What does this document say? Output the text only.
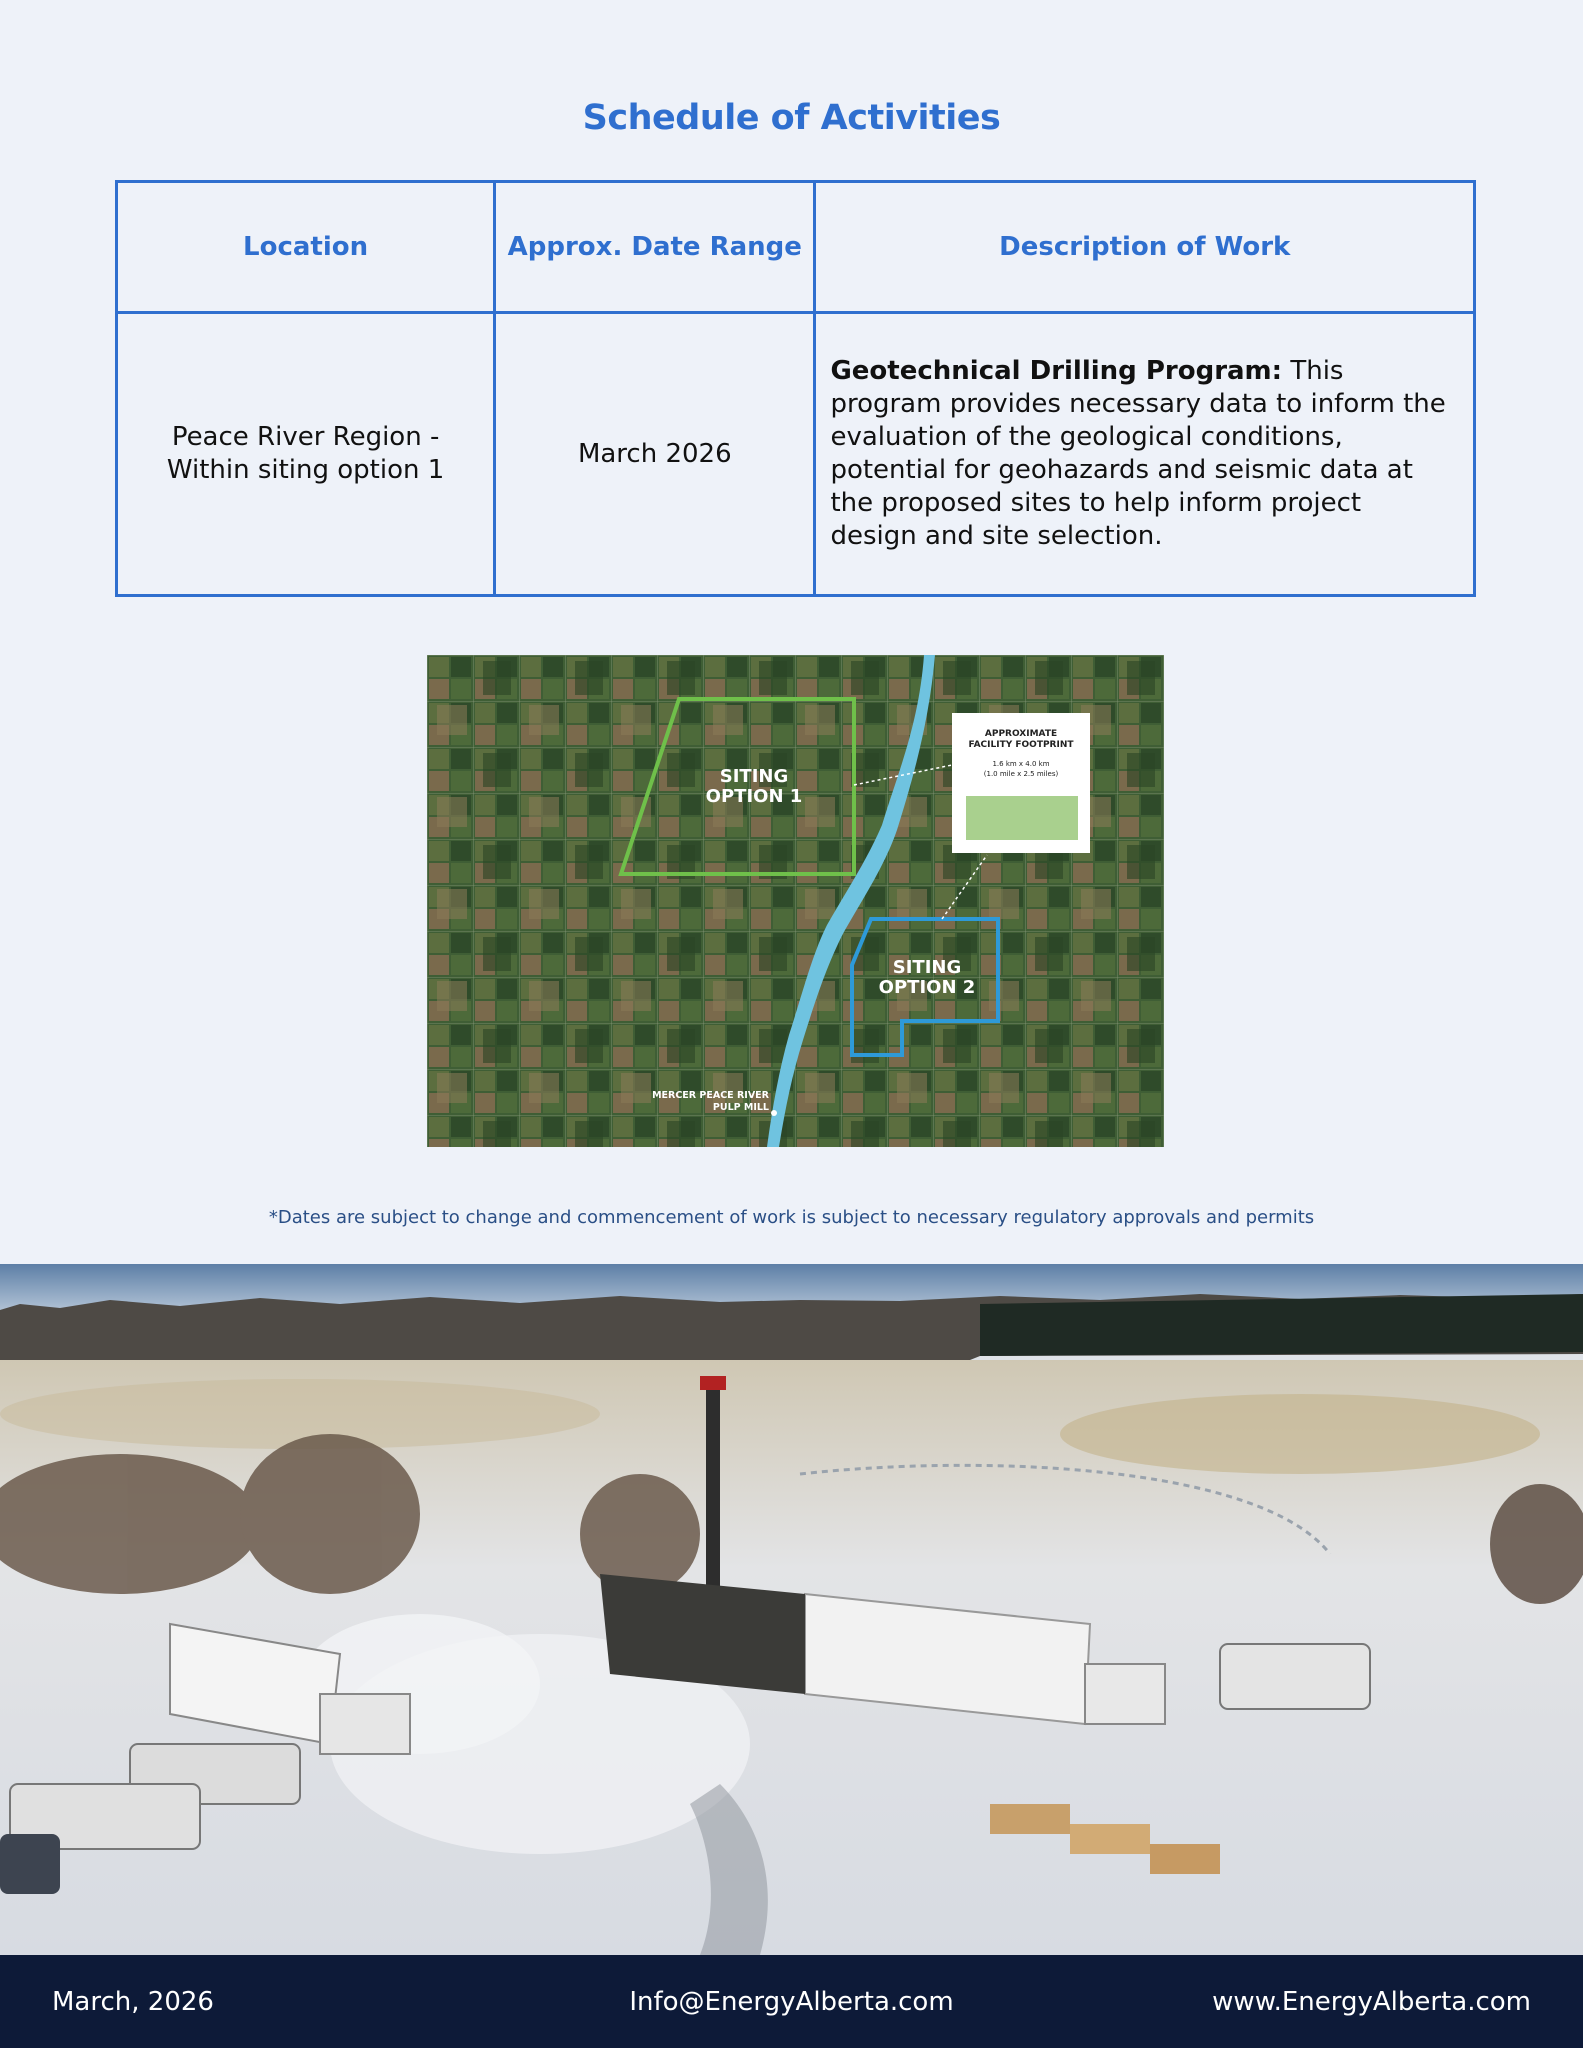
Schedule of Activities
Location	Approx. Date Range	Description of Work

Peace River Region -
Within siting option 1	March 2026	Geotechnical Drilling Program: This program provides necessary data to inform the evaluation of the geological conditions, potential for geohazards and seismic data at the proposed sites to help inform project design and site selection.
SITING
OPTION 1
SITING
OPTION 2
APPROXIMATE
FACILITY FOOTPRINT
1.6 km x 4.0 km
(1.0 mile x 2.5 miles)
MERCER PEACE RIVER
PULP MILL
*Dates are subject to change and commencement of work is subject to necessary regulatory approvals and permits
March, 2026	Info@EnergyAlberta.com	www.EnergyAlberta.com
